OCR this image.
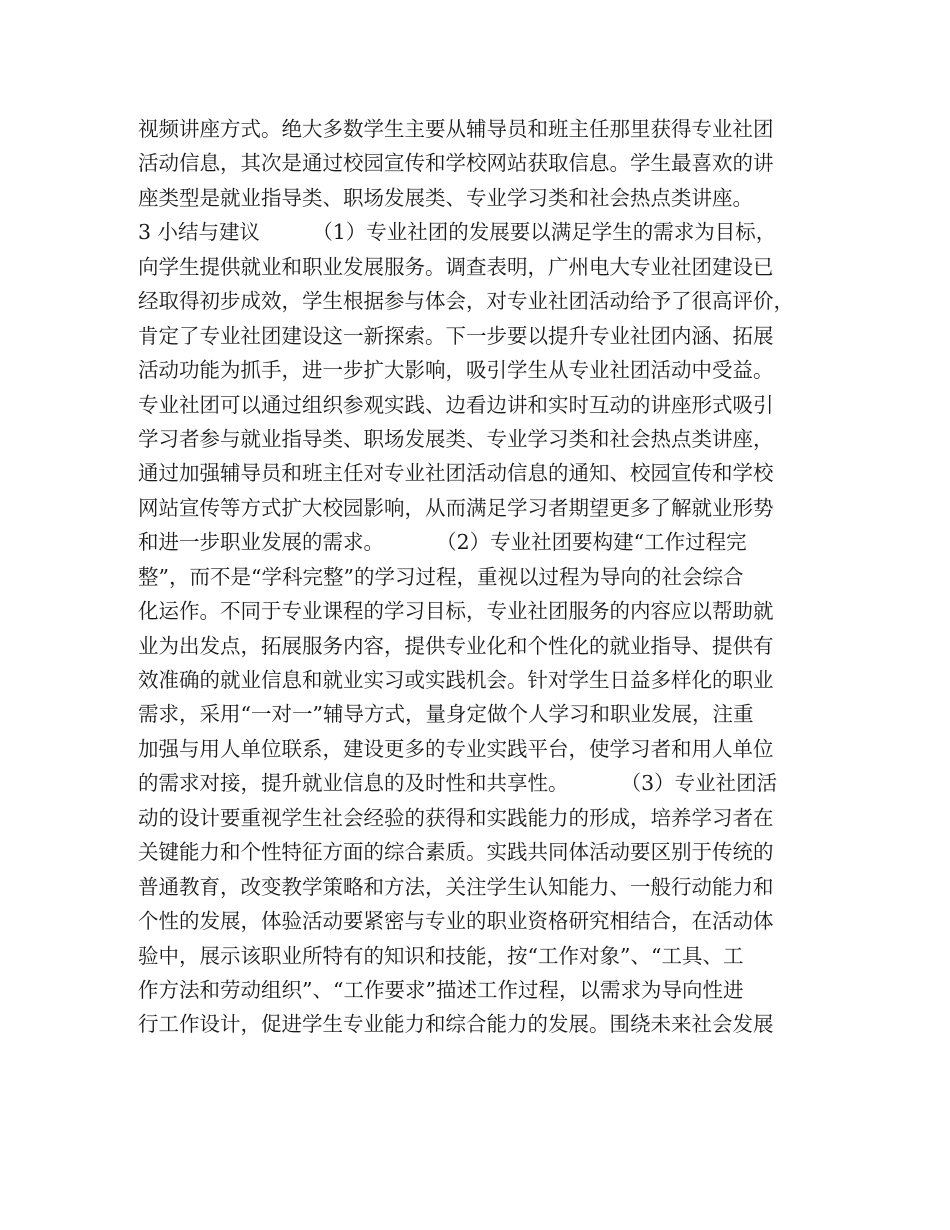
视频讲座方式。绝大多数学生主要从辅导员和班主任那里获得专业社团
活动信息，其次是通过校园宣传和学校网站获取信息。学生最喜欢的讲
座类型是就业指导类、职场发展类、专业学习类和社会热点类讲座。
3 小结与建议        （1）专业社团的发展要以满足学生的需求为目标，
向学生提供就业和职业发展服务。调查表明，广州电大专业社团建设已
经取得初步成效，学生根据参与体会，对专业社团活动给予了很高评价，
肯定了专业社团建设这一新探索。下一步要以提升专业社团内涵、拓展
活动功能为抓手，进一步扩大影响，吸引学生从专业社团活动中受益。
专业社团可以通过组织参观实践、边看边讲和实时互动的讲座形式吸引
学习者参与就业指导类、职场发展类、专业学习类和社会热点类讲座，
通过加强辅导员和班主任对专业社团活动信息的通知、校园宣传和学校
网站宣传等方式扩大校园影响，从而满足学习者期望更多了解就业形势
和进一步职业发展的需求。        （2）专业社团要构建“工作过程完
整”，而不是“学科完整”的学习过程，重视以过程为导向的社会综合
化运作。不同于专业课程的学习目标，专业社团服务的内容应以帮助就
业为出发点，拓展服务内容，提供专业化和个性化的就业指导、提供有
效准确的就业信息和就业实习或实践机会。针对学生日益多样化的职业
需求，采用“一对一”辅导方式，量身定做个人学习和职业发展，注重
加强与用人单位联系，建设更多的专业实践平台，使学习者和用人单位
的需求对接，提升就业信息的及时性和共享性。        （3）专业社团活
动的设计要重视学生社会经验的获得和实践能力的形成，培养学习者在
关键能力和个性特征方面的综合素质。实践共同体活动要区别于传统的
普通教育，改变教学策略和方法，关注学生认知能力、一般行动能力和
个性的发展，体验活动要紧密与专业的职业资格研究相结合，在活动体
验中，展示该职业所特有的知识和技能，按“工作对象”、“工具、工
作方法和劳动组织”、“工作要求”描述工作过程，以需求为导向性进
行工作设计，促进学生专业能力和综合能力的发展。围绕未来社会发展
